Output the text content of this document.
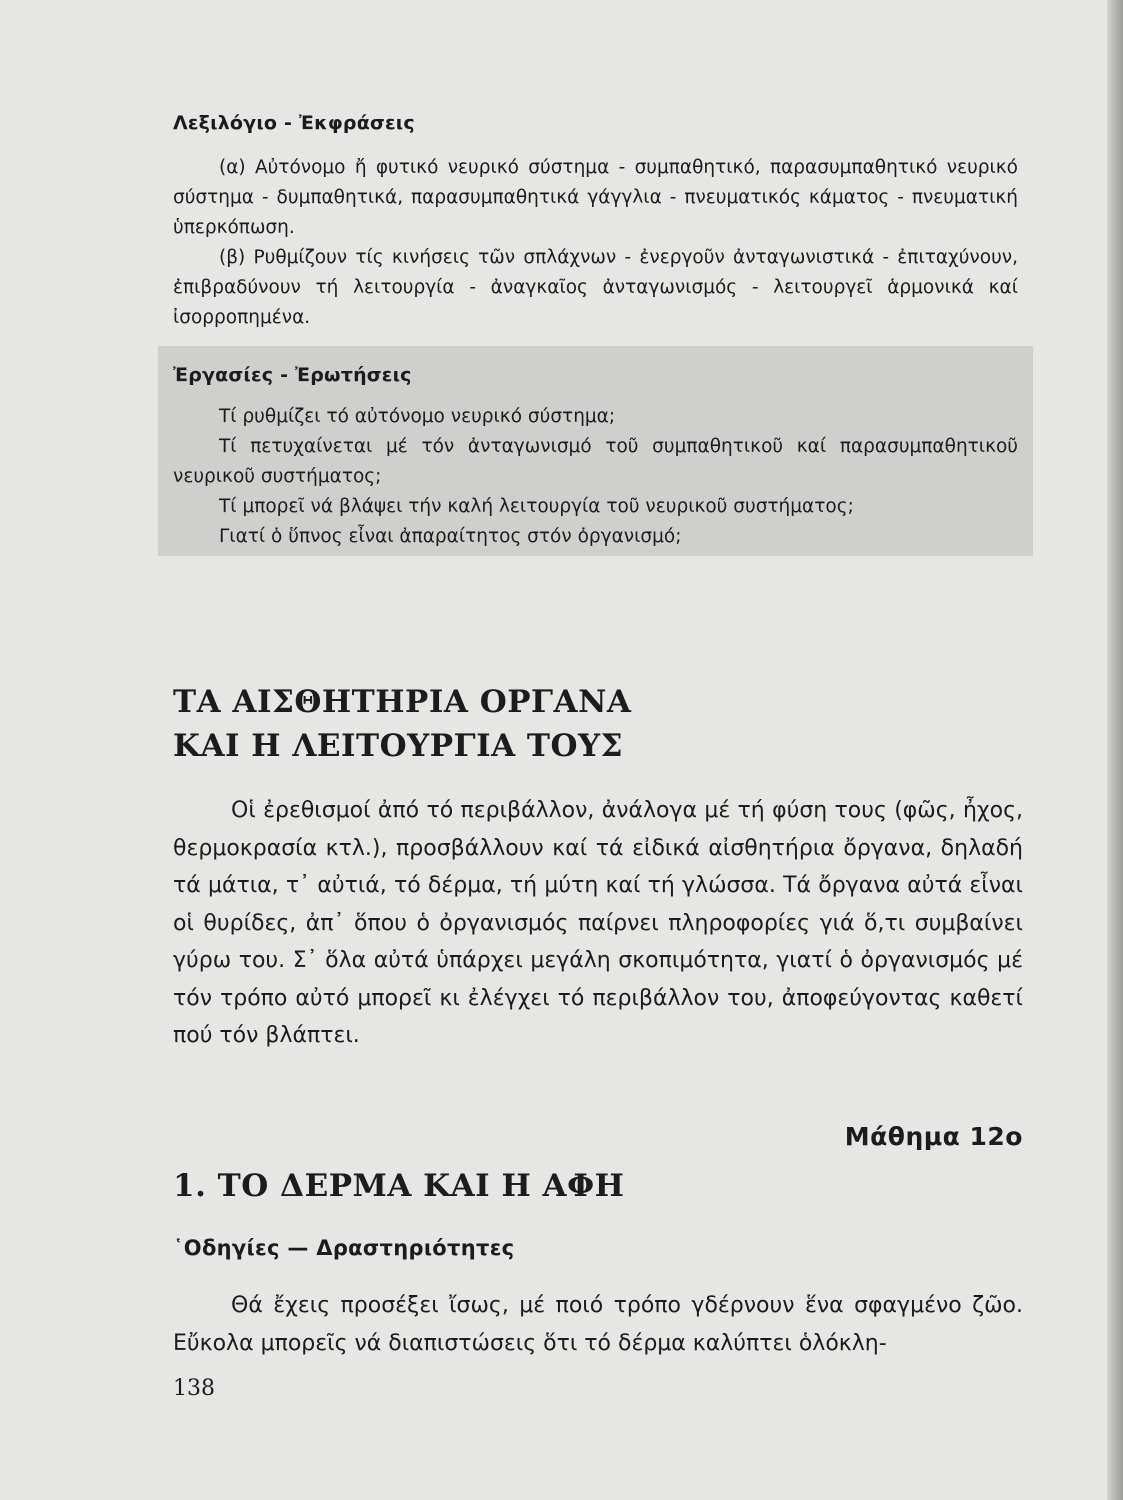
Λεξιλόγιο - Ἐκφράσεις

(α) Αὐτόνομο ἤ φυτικό νευρικό σύστημα - συμπαθητικό, παρασυμπαθητικό νευρικό σύστημα - δυμπαθητικά, παρασυμπαθητικά γάγγλια - πνευματικός κάματος - πνευματική ὑπερκόπωση.

(β) Ρυθμίζουν τίς κινήσεις τῶν σπλάχνων - ἐνεργοῦν ἀνταγωνιστικά - ἐπιταχύνουν, ἐπιβραδύνουν τή λειτουργία - ἀναγκαῖος ἀνταγωνισμός - λειτουργεῖ ἁρμονικά καί ἰσορροπημένα.

Ἐργασίες - Ἐρωτήσεις

Τί ρυθμίζει τό αὐτόνομο νευρικό σύστημα;

Τί πετυχαίνεται μέ τόν ἀνταγωνισμό τοῦ συμπαθητικοῦ καί παρασυμπαθητικοῦ νευρικοῦ συστήματος;

Τί μπορεῖ νά βλάψει τήν καλή λειτουργία τοῦ νευρικοῦ συστήματος;

Γιατί ὁ ὕπνος εἶναι ἀπαραίτητος στόν ὀργανισμό;

ΤΑ ΑΙΣΘΗΤΗΡΙΑ ΟΡΓΑΝΑ
ΚΑΙ Η ΛΕΙΤΟΥΡΓΙΑ ΤΟΥΣ

Οἱ ἐρεθισμοί ἀπό τό περιβάλλον, ἀνάλογα μέ τή φύση τους (φῶς, ἦχος, θερμοκρασία κτλ.), προσβάλλουν καί τά εἰδικά αἰσθητήρια ὄργανα, δηλαδή τά μάτια, τ᾽ αὐτιά, τό δέρμα, τή μύτη καί τή γλώσσα. Τά ὄργανα αὐτά εἶναι οἱ θυρίδες, ἀπ᾽ ὅπου ὁ ὀργανισμός παίρνει πληροφορίες γιά ὅ,τι συμβαίνει γύρω του. Σ᾽ ὅλα αὐτά ὑπάρχει μεγάλη σκοπιμότητα, γιατί ὁ ὀργανισμός μέ τόν τρόπο αὐτό μπορεῖ κι ἐλέγχει τό περιβάλλον του, ἀποφεύγοντας καθετί πού τόν βλάπτει.

Μάθημα 12ο
1. ΤΟ ΔΕΡΜΑ ΚΑΙ Η ΑΦΗ
῾Οδηγίες — Δραστηριότητες

Θά ἔχεις προσέξει ἴσως, μέ ποιό τρόπο γδέρνουν ἕνα σφαγμένο ζῶο. Εὔκολα μπορεῖς νά διαπιστώσεις ὅτι τό δέρμα καλύπτει ὁλόκλη-

138
